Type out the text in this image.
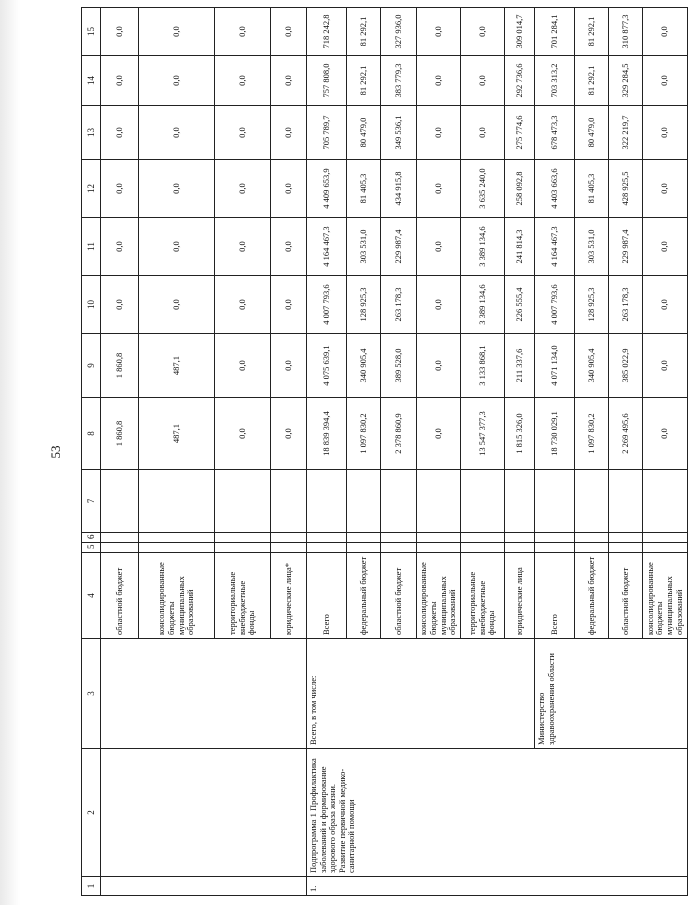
53
1	2	3	4	5	6	7	8	9	10	11	12	13	14	15
			областной бюджет				1 860,8	1 860,8	0,0	0,0	0,0	0,0	0,0	0,0
			консолидированные бюджеты муниципальных образований				487,1	487,1	0,0	0,0	0,0	0,0	0,0	0,0
			территориальные внебюджетные фонды				0,0	0,0	0,0	0,0	0,0	0,0	0,0	0,0
			юридические лица*				0,0	0,0	0,0	0,0	0,0	0,0	0,0	0,0
1.	Подпрограмма 1 Профилактика заболеваний и формирование здорового образа жизни. Развитие первичной медико-санитарной помощи	Всего, в том числе:	Всего				18 839 394,4	4 075 639,1	4 007 793,6	4 164 467,3	4 409 653,9	705 789,7	757 808,0	718 242,8
			федеральный бюджет				1 097 830,2	340 905,4	128 925,3	303 531,0	81 405,3	80 479,0	81 292,1	81 292,1
			областной бюджет				2 378 860,9	389 528,0	263 178,3	229 987,4	434 915,8	349 536,1	383 779,3	327 936,0
			консолидированные бюджеты муниципальных образований				0,0	0,0	0,0	0,0	0,0	0,0	0,0	0,0
			территориальные внебюджетные фонды				13 547 377,3	3 133 868,1	3 389 134,6	3 389 134,6	3 635 240,0	0,0	0,0	0,0
			юридические лица				1 815 326,0	211 337,6	226 555,4	241 814,3	258 092,8	275 774,6	292 736,6	309 014,7
		Министерство здравоохранения области	Всего				18 730 029,1	4 071 134,0	4 007 793,6	4 164 467,3	4 403 663,6	678 473,3	703 313,2	701 284,1
			федеральный бюджет				1 097 830,2	340 905,4	128 925,3	303 531,0	81 405,3	80 479,0	81 292,1	81 292,1
			областной бюджет				2 269 495,6	385 022,9	263 178,3	229 987,4	428 925,5	322 219,7	329 284,5	310 877,3
			консолидированные бюджеты муниципальных образований				0,0	0,0	0,0	0,0	0,0	0,0	0,0	0,0
